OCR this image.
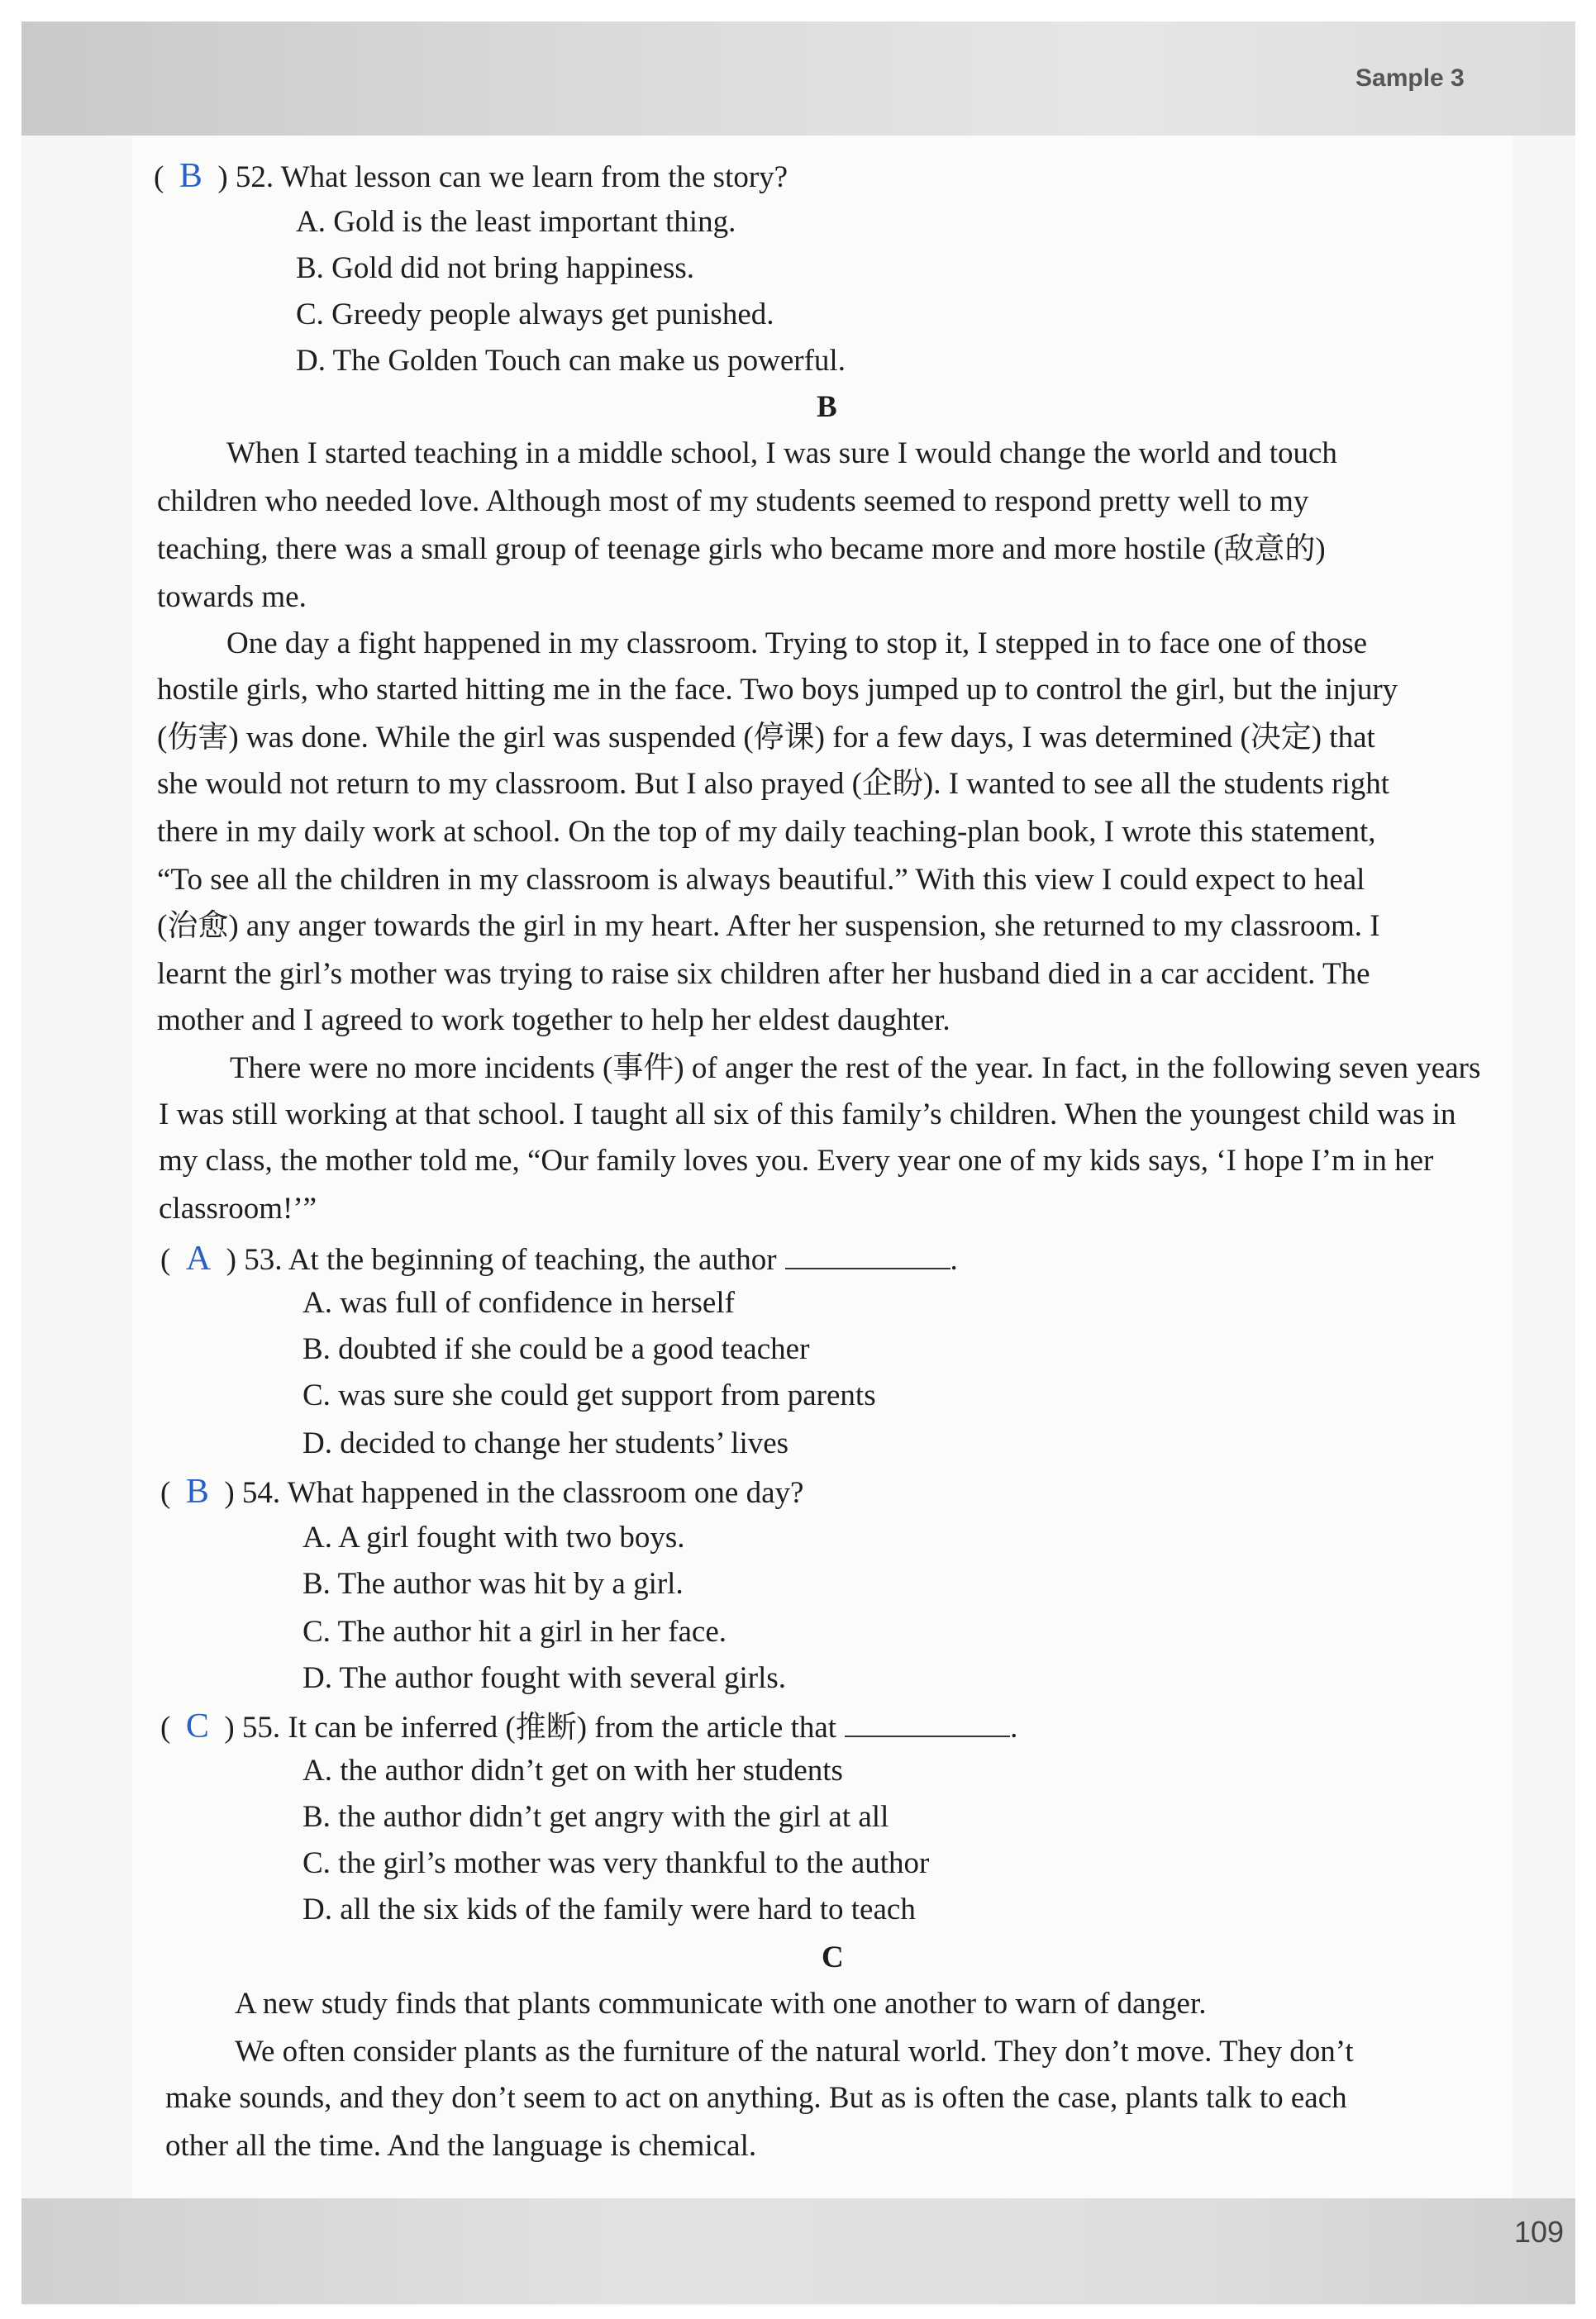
Sample 3
(  B ) 52. What lesson can we learn from the story?
A. Gold is the least important thing.
B. Gold did not bring happiness.
C. Greedy people always get punished.
D. The Golden Touch can make us powerful.
B
When I started teaching in a middle school, I was sure I would change the world and touch
children who needed love. Although most of my students seemed to respond pretty well to my
teaching, there was a small group of teenage girls who became more and more hostile (敌意的)
towards me.
One day a fight happened in my classroom. Trying to stop it, I stepped in to face one of those
hostile girls, who started hitting me in the face. Two boys jumped up to control the girl, but the injury
(伤害) was done. While the girl was suspended (停课) for a few days, I was determined (决定) that
she would not return to my classroom. But I also prayed (企盼). I wanted to see all the students right
there in my daily work at school. On the top of my daily teaching-plan book, I wrote this statement,
“To see all the children in my classroom is always beautiful.” With this view I could expect to heal
(治愈) any anger towards the girl in my heart. After her suspension, she returned to my classroom. I
learnt the girl’s mother was trying to raise six children after her husband died in a car accident. The
mother and I agreed to work together to help her eldest daughter.
There were no more incidents (事件) of anger the rest of the year. In fact, in the following seven years
I was still working at that school. I taught all six of this family’s children. When the youngest child was in
my class, the mother told me, “Our family loves you. Every year one of my kids says, ‘I hope I’m in her
classroom!’”
(  A ) 53. At the beginning of teaching, the author	.
A. was full of confidence in herself
B. doubted if she could be a good teacher
C. was sure she could get support from parents
D. decided to change her students’ lives
(  B ) 54. What happened in the classroom one day?
A. A girl fought with two boys.
B. The author was hit by a girl.
C. The author hit a girl in her face.
D. The author fought with several girls.
(  C ) 55. It can be inferred (推断) from the article that	.
A. the author didn’t get on with her students
B. the author didn’t get angry with the girl at all
C. the girl’s mother was very thankful to the author
D. all the six kids of the family were hard to teach
C
A new study finds that plants communicate with one another to warn of danger.
We often consider plants as the furniture of the natural world. They don’t move. They don’t
make sounds, and they don’t seem to act on anything. But as is often the case, plants talk to each
other all the time. And the language is chemical.
109
